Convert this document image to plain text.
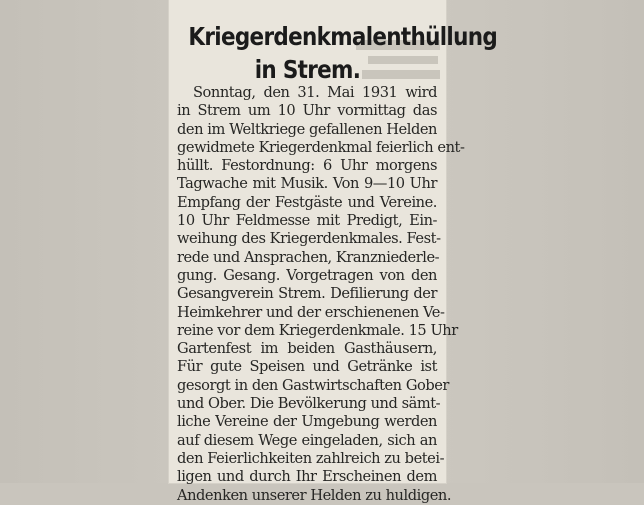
Kriegerdenkmalenthüllung
in Strem.
Sonntag, den 31. Mai 1931 wird
in Strem um 10 Uhr vormittag das
den im Weltkriege gefallenen Helden
gewidmete Kriegerdenkmal feierlich ent-
hüllt. Festordnung: 6 Uhr morgens
Tagwache mit Musik. Von 9—10 Uhr
Empfang der Festgäste und Vereine.
10 Uhr Feldmesse mit Predigt, Ein-
weihung des Kriegerdenkmales. Fest-
rede und Ansprachen, Kranzniederle-
gung. Gesang. Vorgetragen von den
Gesangverein Strem. Defilierung der
Heimkehrer und der erschienenen Ve-
reine vor dem Kriegerdenkmale. 15 Uhr
Gartenfest im beiden Gasthäusern,
Für gute Speisen und Getränke ist
gesorgt in den Gastwirtschaften Gober
und Ober. Die Bevölkerung und sämt-
liche Vereine der Umgebung werden
auf diesem Wege eingeladen, sich an
den Feierlichkeiten zahlreich zu betei-
ligen und durch Ihr Erscheinen dem
Andenken unserer Helden zu huldigen.
